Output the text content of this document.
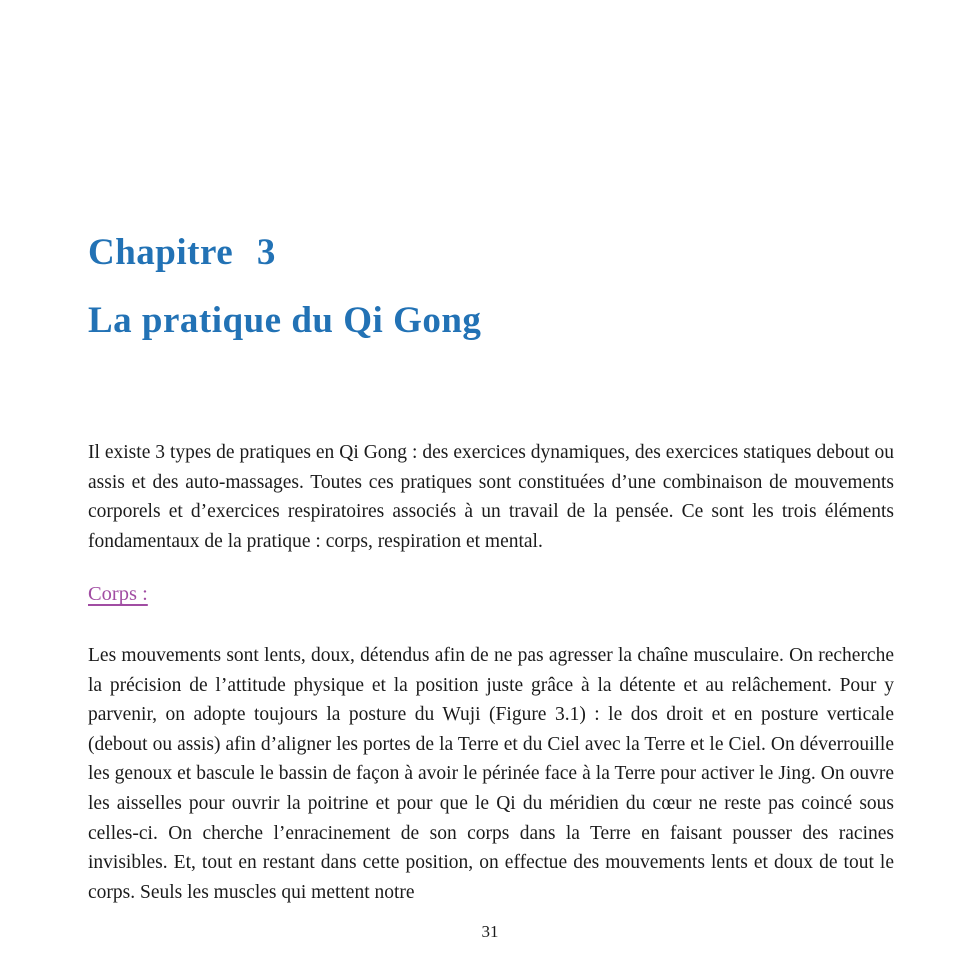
Chapitre 3
La pratique du Qi Gong
Il existe 3 types de pratiques en Qi Gong : des exercices dynamiques, des exercices statiques debout ou assis et des auto-massages. Toutes ces pratiques sont constituées d’une combinaison de mouvements corporels et d’exercices respiratoires associés à un travail de la pensée. Ce sont les trois éléments fondamentaux de la pratique : corps, respiration et mental.
Corps :
Les mouvements sont lents, doux, détendus afin de ne pas agresser la chaîne musculaire. On recherche la précision de l’attitude physique et la position juste grâce à la détente et au relâchement. Pour y parvenir, on adopte toujours la posture du Wuji (Figure 3.1) : le dos droit et en posture verticale (debout ou assis) afin d’aligner les portes de la Terre et du Ciel avec la Terre et le Ciel. On déverrouille les genoux et bascule le bassin de façon à avoir le périnée face à la Terre pour activer le Jing. On ouvre les aisselles pour ouvrir la poitrine et pour que le Qi du méridien du cœur ne reste pas coincé sous celles-ci. On cherche l’enracinement de son corps dans la Terre en faisant pousser des racines invisibles. Et, tout en restant dans cette position, on effectue des mouvements lents et doux de tout le corps. Seuls les muscles qui mettent notre
31
